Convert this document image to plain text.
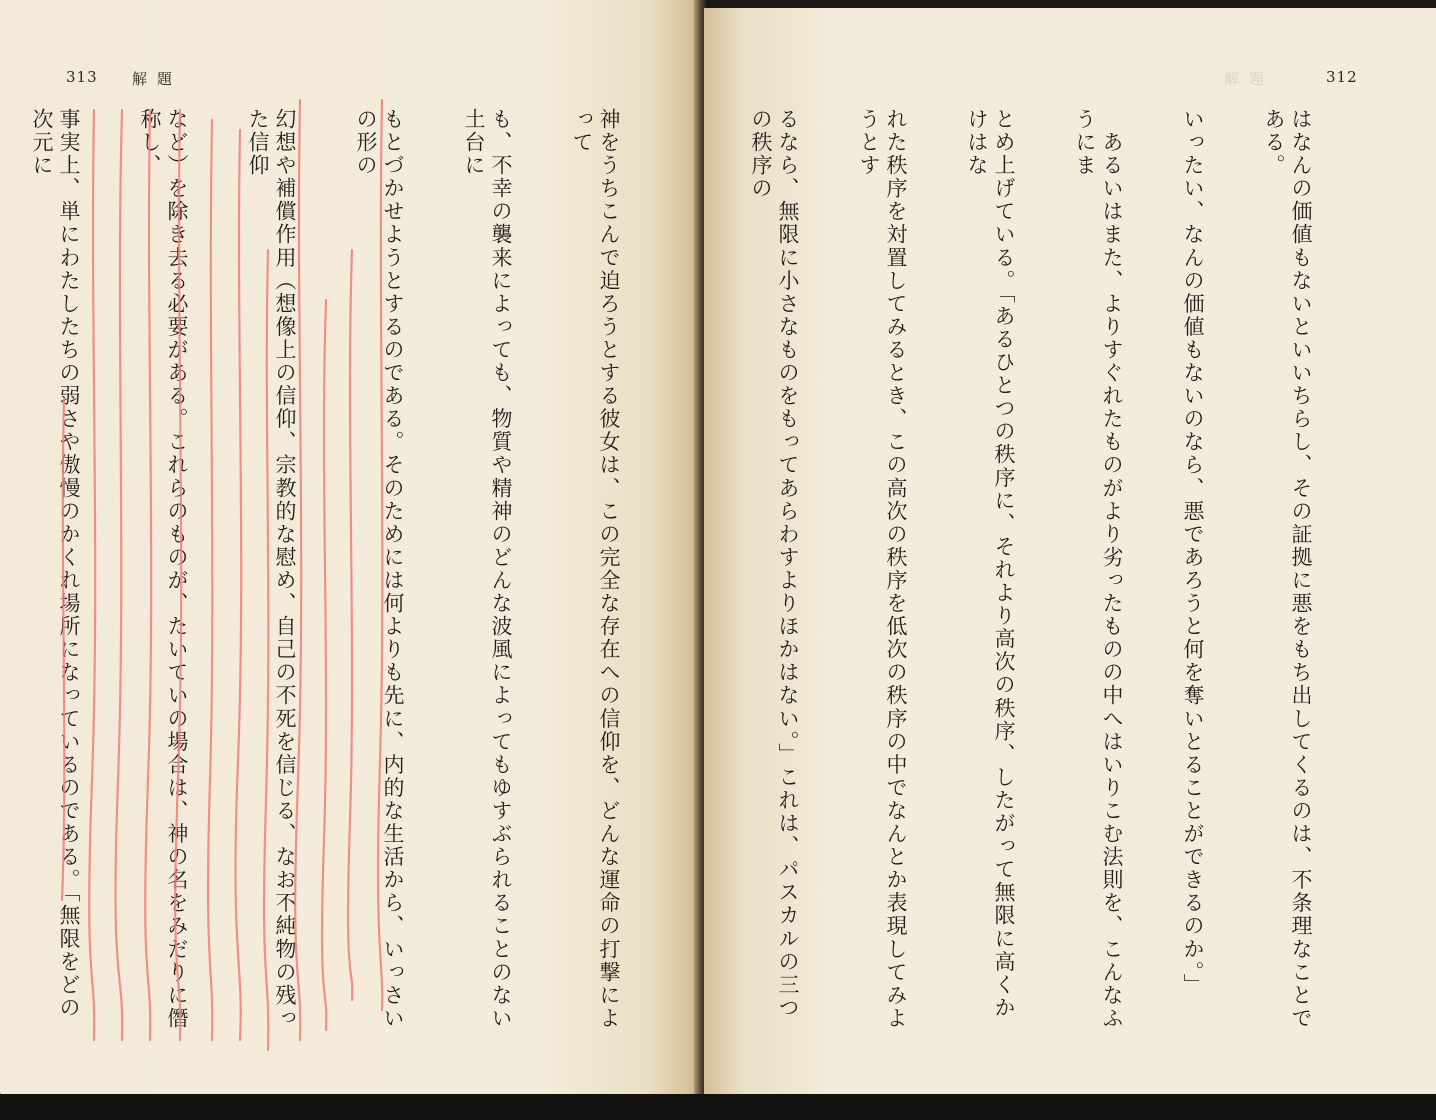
313 解題

神をうちこんで迫ろうとする彼女は、この完全な存在への信仰を、どんな運命の打撃によって

も、不幸の襲来によっても、物質や精神のどんな波風によってもゆすぶられることのない土台に

もとづかせようとするのである。そのためには何よりも先に、内的な生活から、いっさいの形の

幻想や補償作用（想像上の信仰、宗教的な慰め、自己の不死を信じる、なお不純物の残った信仰

など）を除き去る必要がある。これらのものが、たいていの場合は、神の名をみだりに僭称し、

事実上、単にわたしたちの弱さや傲慢のかくれ場所になっているのである。「無限をどの次元に

解題	312

はなんの価値もないといいちらし、その証拠に悪をもち出してくるのは、不条理なことである。

いったい、なんの価値もないのなら、悪であろうと何を奪いとることができるのか。」

　あるいはまた、よりすぐれたものがより劣ったものの中へはいりこむ法則を、こんなふうにま

とめ上げている。「あるひとつの秩序に、それより高次の秩序、したがって無限に高くかけはな

れた秩序を対置してみるとき、この高次の秩序を低次の秩序の中でなんとか表現してみようとす

るなら、無限に小さなものをもってあらわすよりほかはない。」これは、パスカルの三つの秩序の
